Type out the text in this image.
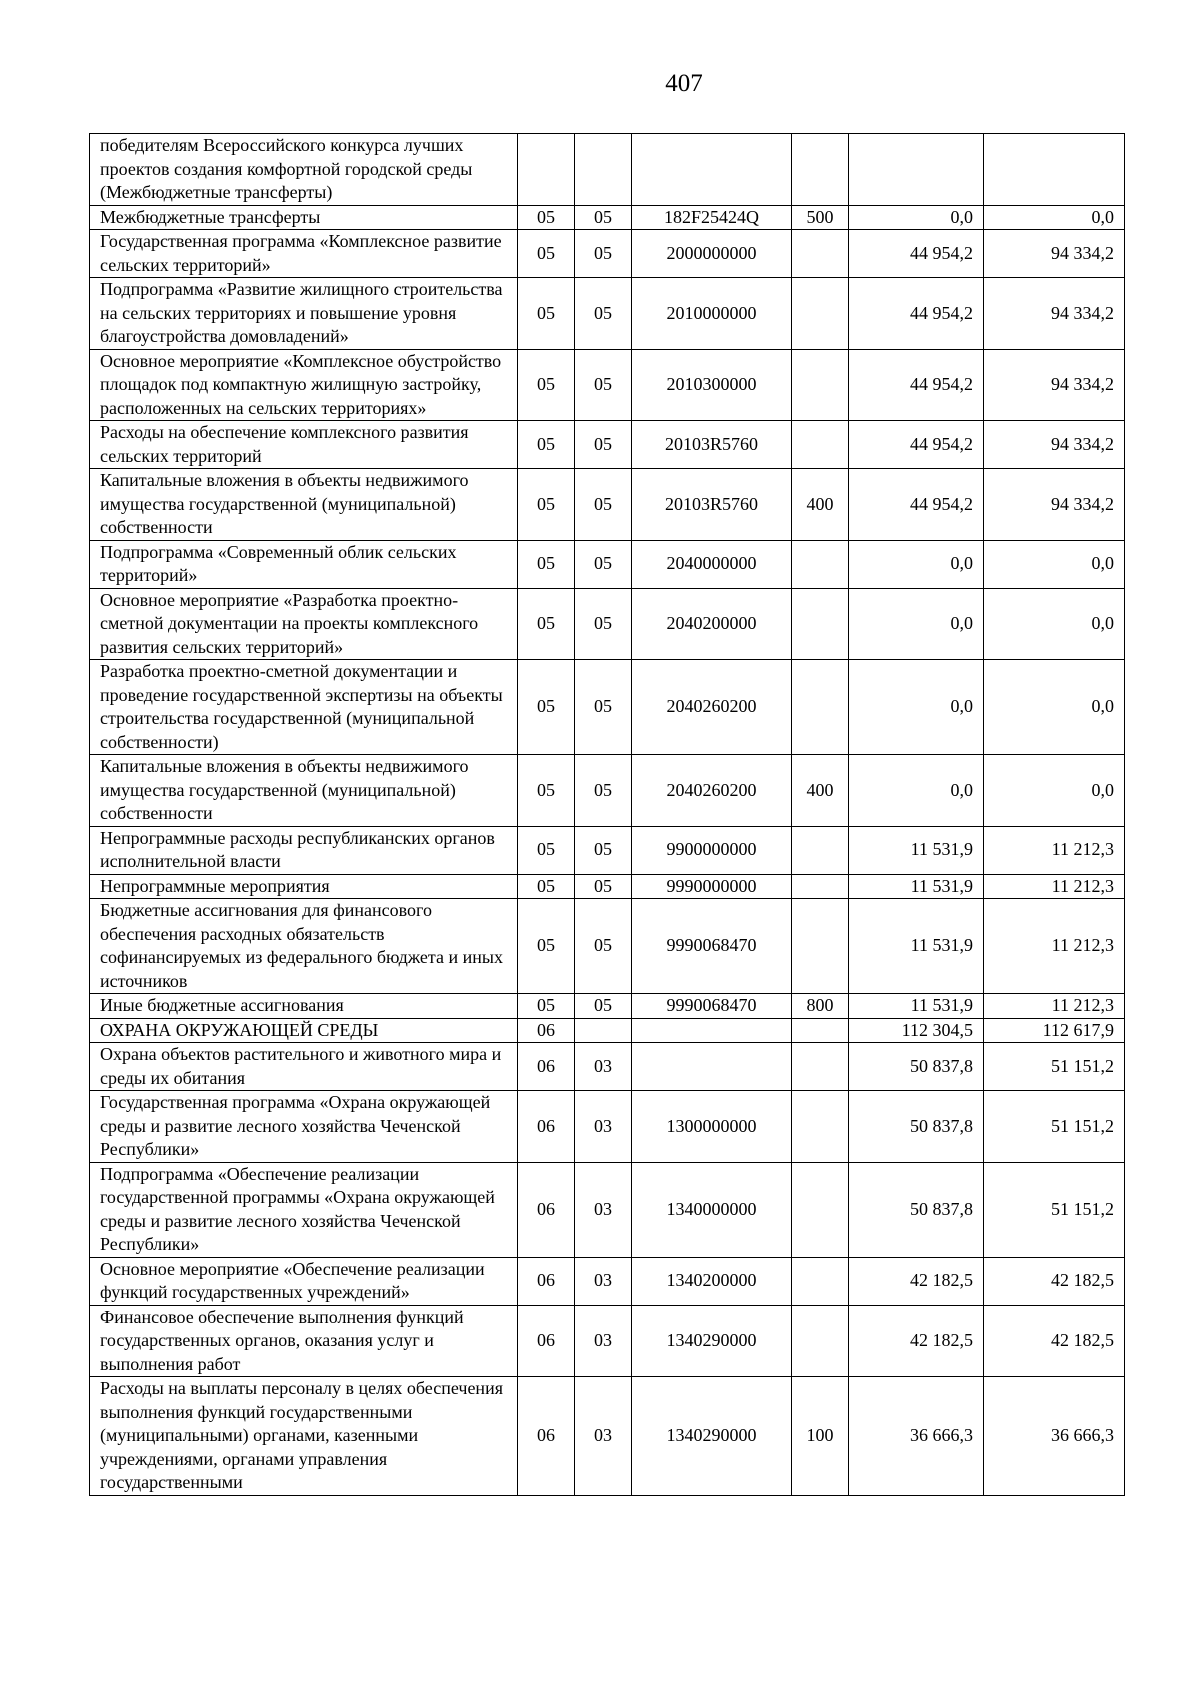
407
победителям Всероссийского конкурса лучших проектов создания комфортной городской среды (Межбюджетные трансферты)						
Межбюджетные трансферты	05	05	182F25424Q	500	0,0	0,0
Государственная программа «Комплексное развитие сельских территорий»	05	05	2000000000		44 954,2	94 334,2
Подпрограмма «Развитие жилищного строительства на сельских территориях и повышение уровня благоустройства домовладений»	05	05	2010000000		44 954,2	94 334,2
Основное мероприятие «Комплексное обустройство площадок под компактную жилищную застройку, расположенных на сельских территориях»	05	05	2010300000		44 954,2	94 334,2
Расходы на обеспечение комплексного развития сельских территорий	05	05	20103R5760		44 954,2	94 334,2
Капитальные вложения в объекты недвижимого имущества государственной (муниципальной) собственности	05	05	20103R5760	400	44 954,2	94 334,2
Подпрограмма «Современный облик сельских территорий»	05	05	2040000000		0,0	0,0
Основное мероприятие «Разработка проектно-сметной документации на проекты комплексного развития сельских территорий»	05	05	2040200000		0,0	0,0
Разработка проектно-сметной документации и проведение государственной экспертизы на объекты строительства государственной (муниципальной собственности)	05	05	2040260200		0,0	0,0
Капитальные вложения в объекты недвижимого имущества государственной (муниципальной) собственности	05	05	2040260200	400	0,0	0,0
Непрограммные расходы республиканских органов исполнительной власти	05	05	9900000000		11 531,9	11 212,3
Непрограммные мероприятия	05	05	9990000000		11 531,9	11 212,3
Бюджетные ассигнования для финансового обеспечения расходных обязательств софинансируемых из федерального бюджета и иных источников	05	05	9990068470		11 531,9	11 212,3
Иные бюджетные ассигнования	05	05	9990068470	800	11 531,9	11 212,3
ОХРАНА ОКРУЖАЮЩЕЙ СРЕДЫ	06				112 304,5	112 617,9
Охрана объектов растительного и животного мира и среды их обитания	06	03			50 837,8	51 151,2
Государственная программа «Охрана окружающей среды и развитие лесного хозяйства Чеченской Республики»	06	03	1300000000		50 837,8	51 151,2
Подпрограмма «Обеспечение реализации государственной программы «Охрана окружающей среды и развитие лесного хозяйства Чеченской Республики»	06	03	1340000000		50 837,8	51 151,2
Основное мероприятие «Обеспечение реализации функций государственных учреждений»	06	03	1340200000		42 182,5	42 182,5
Финансовое обеспечение выполнения функций государственных органов, оказания услуг и выполнения работ	06	03	1340290000		42 182,5	42 182,5
Расходы на выплаты персоналу в целях обеспечения выполнения функций государственными (муниципальными) органами, казенными учреждениями, органами управления государственными	06	03	1340290000	100	36 666,3	36 666,3
